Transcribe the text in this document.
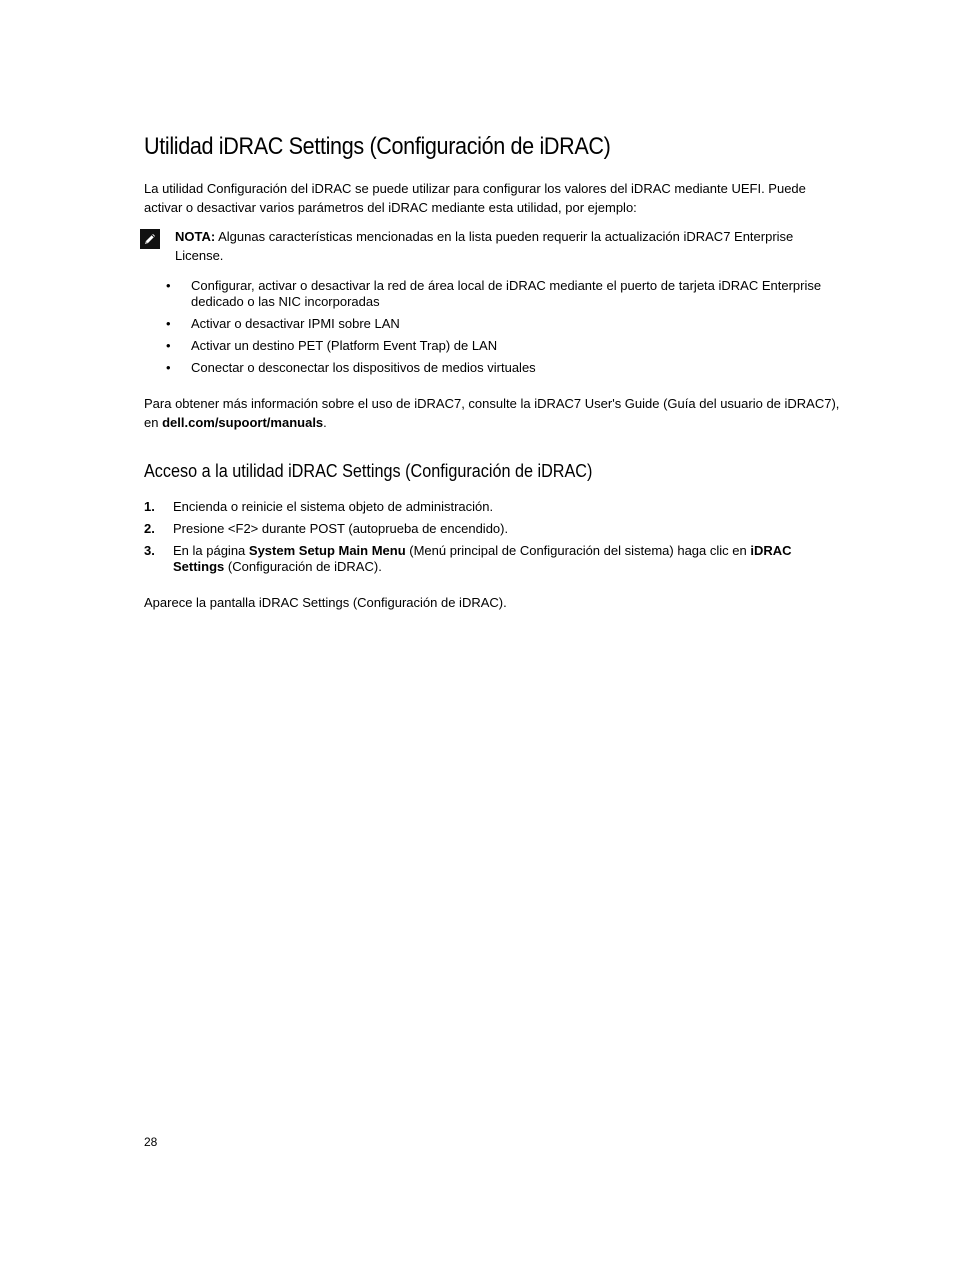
Utilidad iDRAC Settings (Configuración de iDRAC)

La utilidad Configuración del iDRAC se puede utilizar para configurar los valores del iDRAC mediante UEFI. Puede activar o desactivar varios parámetros del iDRAC mediante esta utilidad, por ejemplo:

NOTA: Algunas características mencionadas en la lista pueden requerir la actualización iDRAC7 Enterprise License.

• Configurar, activar o desactivar la red de área local de iDRAC mediante el puerto de tarjeta iDRAC Enterprise dedicado o las NIC incorporadas
• Activar o desactivar IPMI sobre LAN
• Activar un destino PET (Platform Event Trap) de LAN
• Conectar o desconectar los dispositivos de medios virtuales

Para obtener más información sobre el uso de iDRAC7, consulte la iDRAC7 User's Guide (Guía del usuario de iDRAC7), en dell.com/supoort/manuals.

Acceso a la utilidad iDRAC Settings (Configuración de iDRAC)
1. Encienda o reinicie el sistema objeto de administración.
2. Presione <F2> durante POST (autoprueba de encendido).
3. En la página System Setup Main Menu (Menú principal de Configuración del sistema) haga clic en iDRAC Settings (Configuración de iDRAC).

Aparece la pantalla iDRAC Settings (Configuración de iDRAC).

28
